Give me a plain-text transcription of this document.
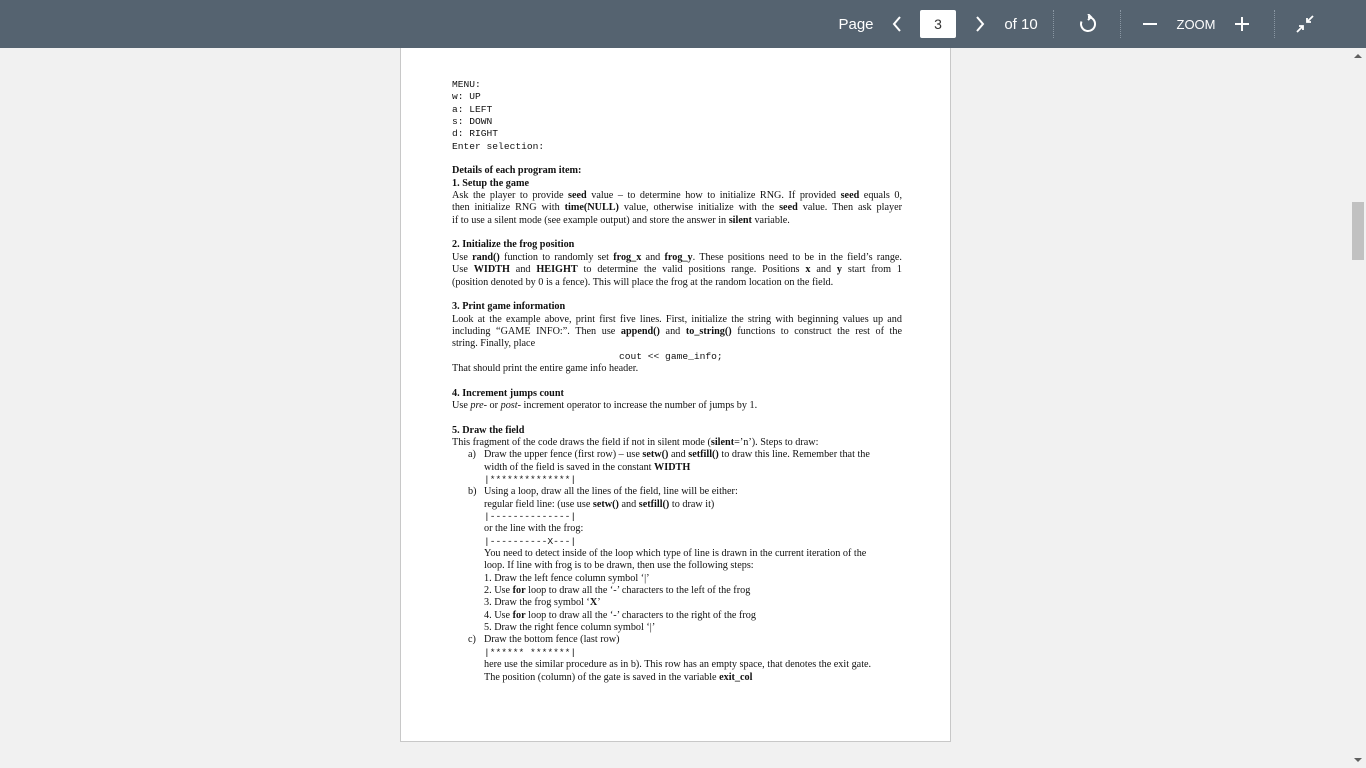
Page
3	of 10	ZOOM
MENU:
w: UP
a: LEFT
s: DOWN
d: RIGHT
Enter selection:
Details of each program item:
1. Setup the game
Ask the player to provide seed value – to determine how to initialize RNG. If provided seed equals 0,
then initialize RNG with time(NULL) value, otherwise initialize with the seed value. Then ask player
if to use a silent mode (see example output) and store the answer in silent variable.
2. Initialize the frog position
Use rand() function to randomly set frog_x and frog_y. These positions need to be in the field’s range.
Use WIDTH and HEIGHT to determine the valid positions range. Positions x and y start from 1
(position denoted by 0 is a fence). This will place the frog at the random location on the field.
3. Print game information
Look at the example above, print first five lines. First, initialize the string with beginning values up and
including “GAME INFO:”. Then use append() and to_string() functions to construct the rest of the
string. Finally, place
cout << game_info;
That should print the entire game info header.
4. Increment jumps count
Use pre- or post- increment operator to increase the number of jumps by 1.
5. Draw the field
This fragment of the code draws the field if not in silent mode (silent=’n’). Steps to draw:
a) Draw the upper fence (first row) – use setw() and setfill() to draw this line. Remember that the
width of the field is saved in the constant WIDTH
|**************|
b) Using a loop, draw all the lines of the field, line will be either:
regular field line: (use use setw() and setfill() to draw it)
|--------------|
or the line with the frog:
|----------X---|
You need to detect inside of the loop which type of line is drawn in the current iteration of the
loop. If line with frog is to be drawn, then use the following steps:
1. Draw the left fence column symbol ‘|’
2. Use for loop to draw all the ‘-’ characters to the left of the frog
3. Draw the frog symbol ‘X’
4. Use for loop to draw all the ‘-’ characters to the right of the frog
5. Draw the right fence column symbol ‘|’
c) Draw the bottom fence (last row)
|****** *******|
here use the similar procedure as in b). This row has an empty space, that denotes the exit gate.
The position (column) of the gate is saved in the variable exit_col
